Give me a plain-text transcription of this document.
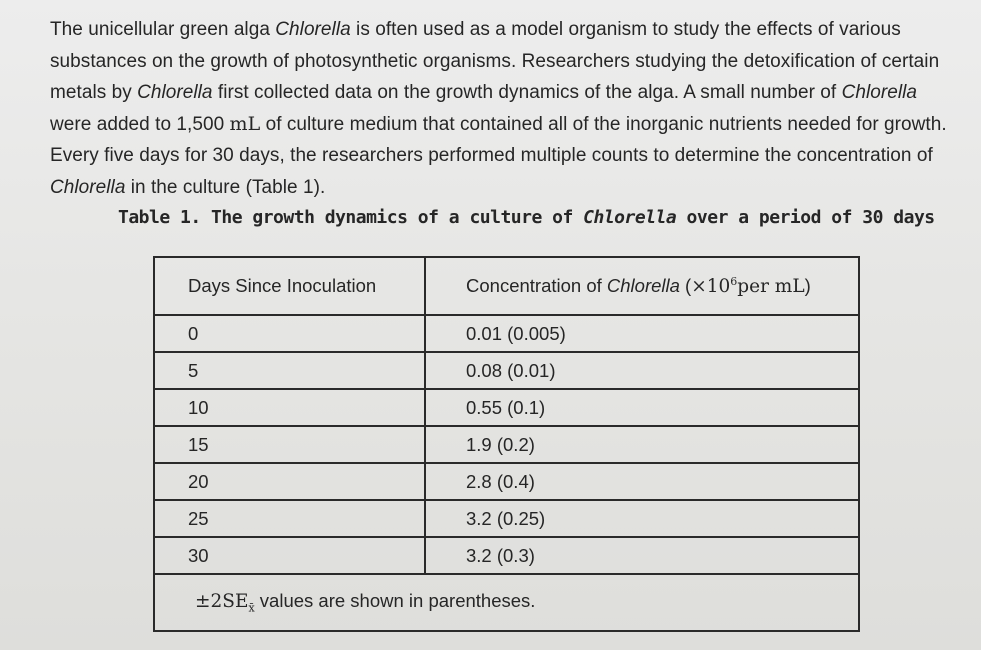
The unicellular green alga Chlorella is often used as a model organism to study the effects of various
substances on the growth of photosynthetic organisms. Researchers studying the detoxification of certain
metals by Chlorella first collected data on the growth dynamics of the alga. A small number of Chlorella
were added to 1,500 mL of culture medium that contained all of the inorganic nutrients needed for growth.
Every five days for 30 days, the researchers performed multiple counts to determine the concentration of
Chlorella in the culture (Table 1).
Table 1. The growth dynamics of a culture of Chlorella over a period of 30 days
Days Since Inoculation	Concentration of Chlorella ($\times 10^6per$ mL)
0	0.01 (0.005)
5	0.08 (0.01)
10	0.55 (0.1)
15	1.9 (0.2)
20	2.8 (0.4)
25	3.2 (0.25)
30	3.2 (0.3)
$\pm 2SE_{x̄}$ values are shown in parentheses.	
